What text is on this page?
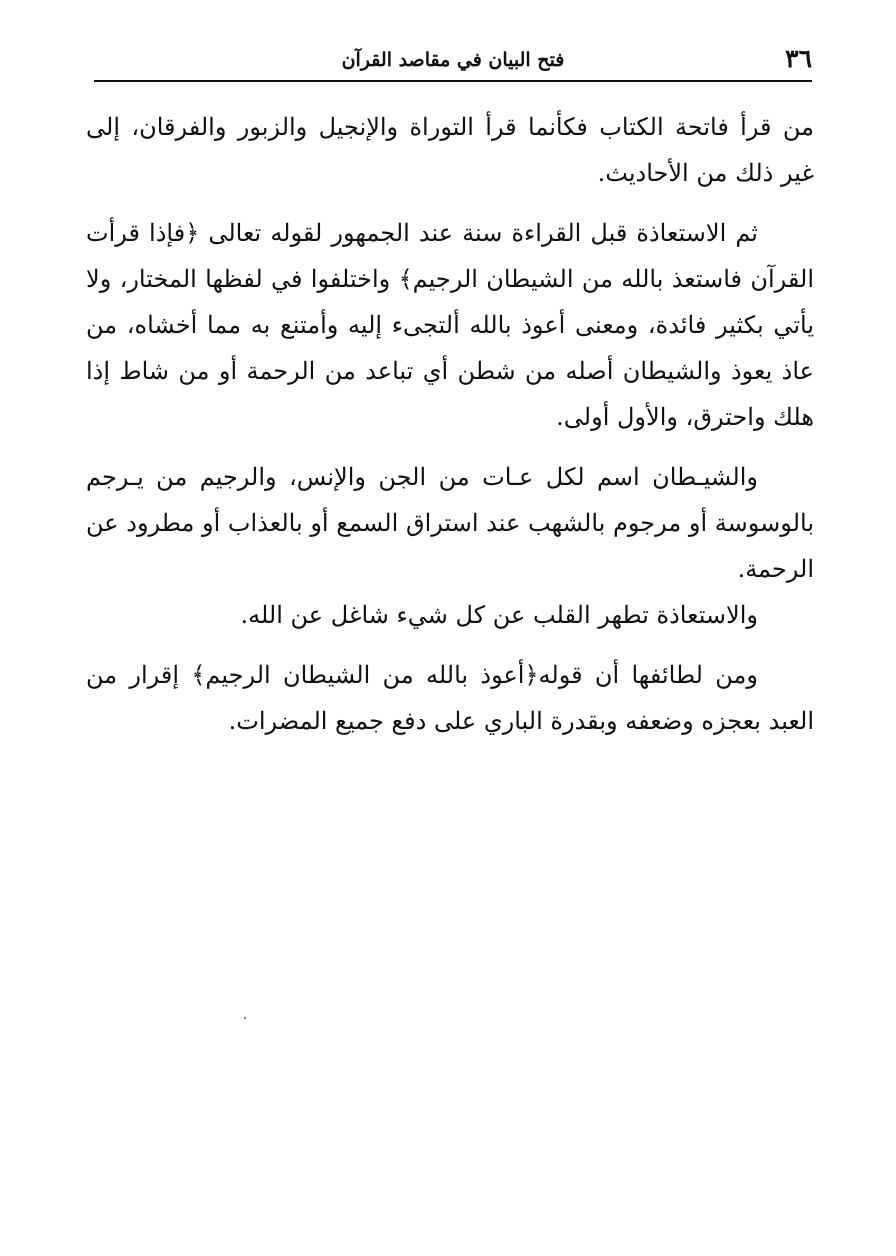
٣٦
فتح البيان في مقاصد القرآن

من قرأ فاتحة الكتاب فكأنما قرأ التوراة والإنجيل والزبور والفرقان، إلى غير ذلك من الأحاديث.

ثم الاستعاذة قبل القراءة سنة عند الجمهور لقوله تعالى ﴿فإذا قرأت القرآن فاستعذ بالله من الشيطان الرجيم﴾ واختلفوا في لفظها المختار، ولا يأتي بكثير فائدة، ومعنى أعوذ بالله ألتجىء إليه وأمتنع به مما أخشاه، من عاذ يعوذ والشيطان أصله من شطن أي تباعد من الرحمة أو من شاط إذا هلك واحترق، والأول أولى.

والشيـطان اسم لكل عـات من الجن والإنس، والرجيم من يـرجم بالوسوسة أو مرجوم بالشهب عند استراق السمع أو بالعذاب أو مطرود عن الرحمة.

والاستعاذة تطهر القلب عن كل شيء شاغل عن الله.

ومن لطائفها أن قوله﴿أعوذ بالله من الشيطان الرجيم﴾ إقرار من العبد بعجزه وضعفه وبقدرة الباري على دفع جميع المضرات.
